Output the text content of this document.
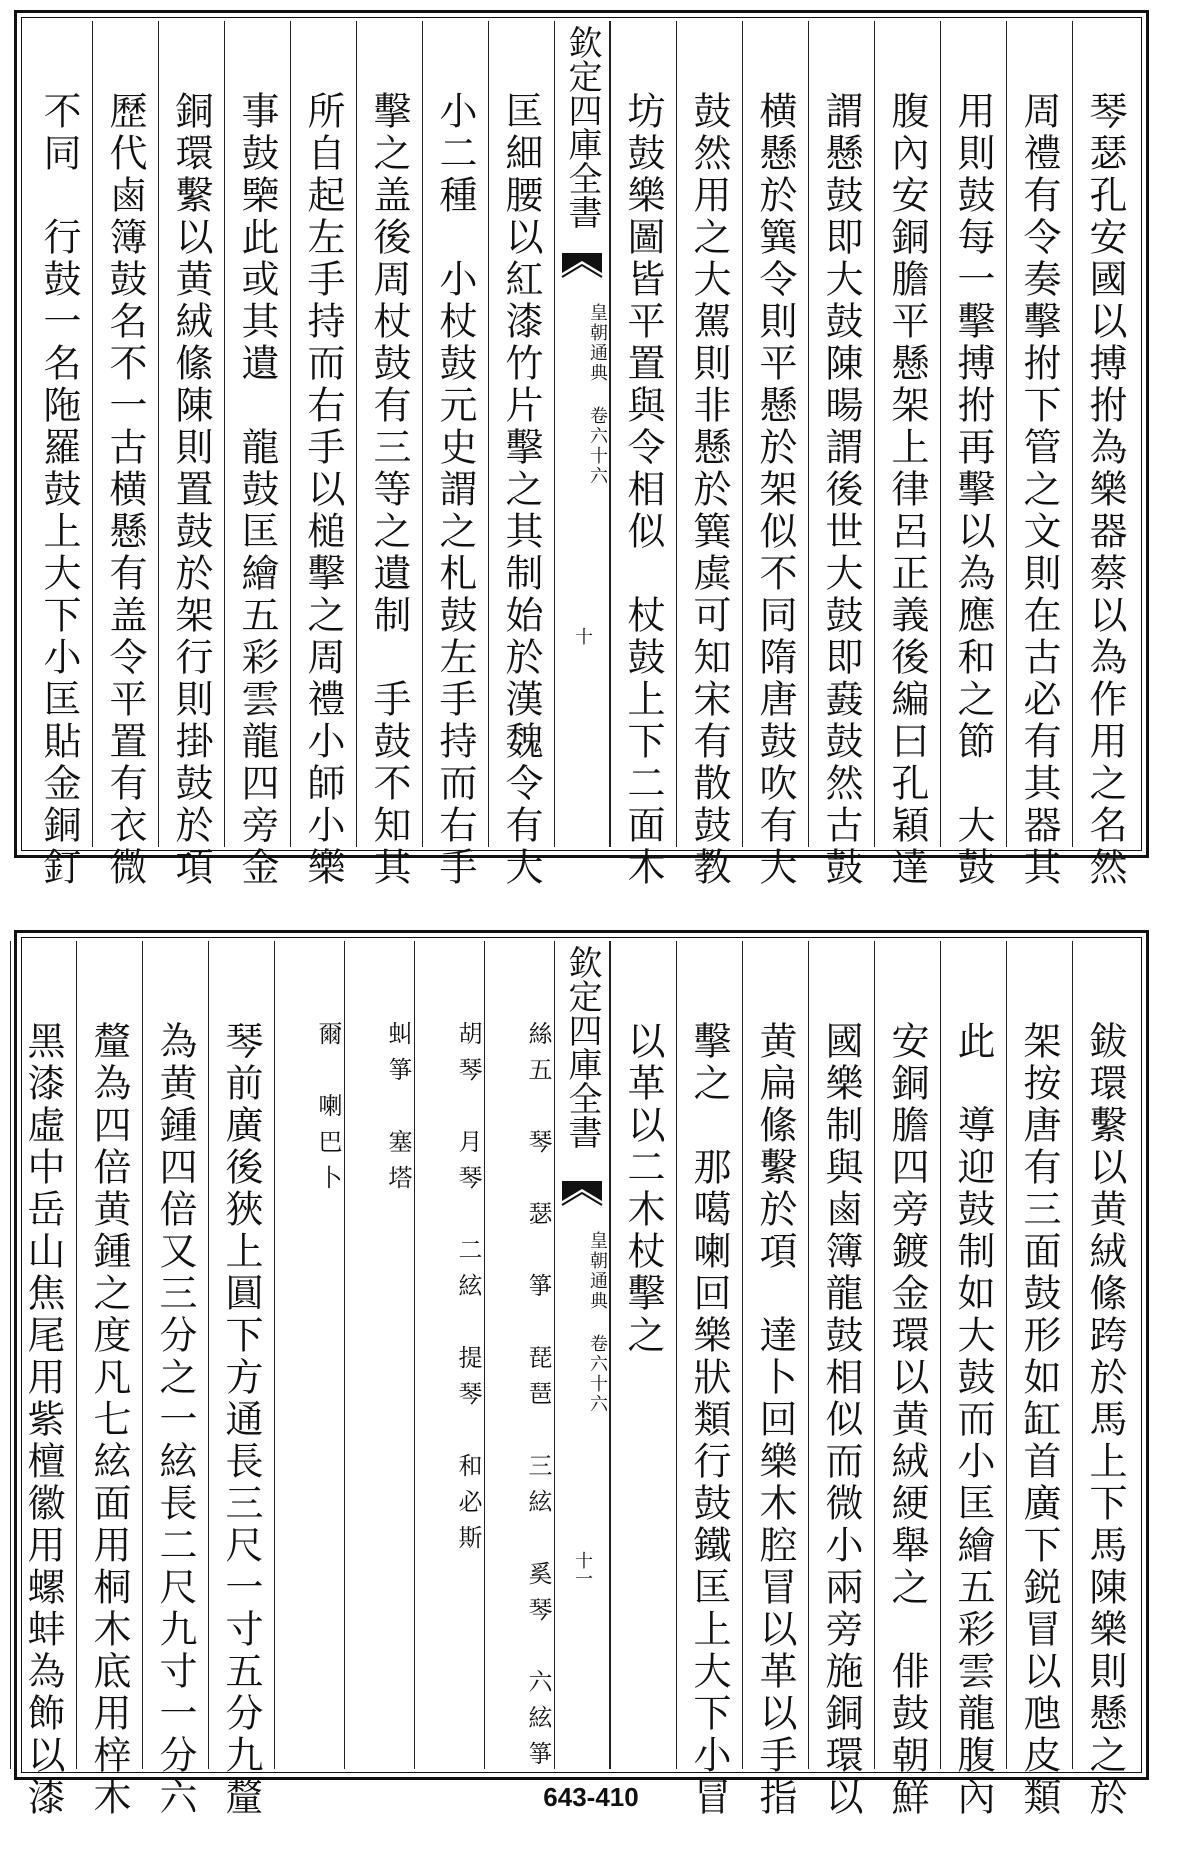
琴瑟孔安國以搏拊為樂器蔡以為作用之名然
周禮有令奏擊拊下管之文則在古必有其器其
用則鼓每一擊搏拊再擊以為應和之節　大鼓
腹內安銅膽平懸架上律呂正義後編曰孔穎達
謂懸鼓即大鼓陳暘謂後世大鼓即鼖鼓然古鼓
横懸於簨令則平懸於架似不同隋唐鼓吹有大
鼓然用之大駕則非懸於簨虡可知宋有散鼓教
坊鼓樂圖皆平置與令相似　杖鼓上下二面木
欽定四庫全書
皇朝通典 卷六十六
十
匡細腰以紅漆竹片擊之其制始於漢魏令有大
小二種　小杖鼓元史謂之札鼓左手持而右手
擊之盖後周杖鼓有三等之遺制　手鼓不知其
所自起左手持而右手以槌擊之周禮小師小樂
事鼓㯺此或其遺　龍鼓匡繪五彩雲龍四旁金
銅環繫以黄絨絛陳則置鼓於架行則掛鼓於項
歷代鹵簿鼓名不一古横懸有盖令平置有衣微
不同　行鼓一名陁羅鼓上大下小匡貼金銅釘
鈸環繫以黄絨絛跨於馬上下馬陳樂則懸之於
架按唐有三面鼓形如缸首廣下鋭冒以虺皮類
此　導迎鼓制如大鼓而小匡繪五彩雲龍腹內
安銅膽四旁鍍金環以黄絨綆舉之　俳鼓朝鮮
國樂制與鹵簿龍鼓相似而微小兩旁施銅環以
黄扁絛繫於項　達卜回樂木腔冒以革以手指
擊之　那噶喇回樂狀類行鼓鐵匡上大下小冒
以革以二木杖擊之
欽定四庫全書
皇朝通典 卷六十六
十一
絲五　琴　瑟　箏　琵琶　三絃　奚琴　六絃箏
胡琴　月琴　二絃　提琴　和必斯
虯箏　塞塔
爾　喇巴卜
琴前廣後狹上圓下方通長三尺一寸五分九釐
為黄鍾四倍又三分之一絃長二尺九寸一分六
釐為四倍黄鍾之度凡七絃面用桐木底用梓木
黑漆虛中岳山焦尾用紫檀徽用螺蚌為飾以漆	643-410
